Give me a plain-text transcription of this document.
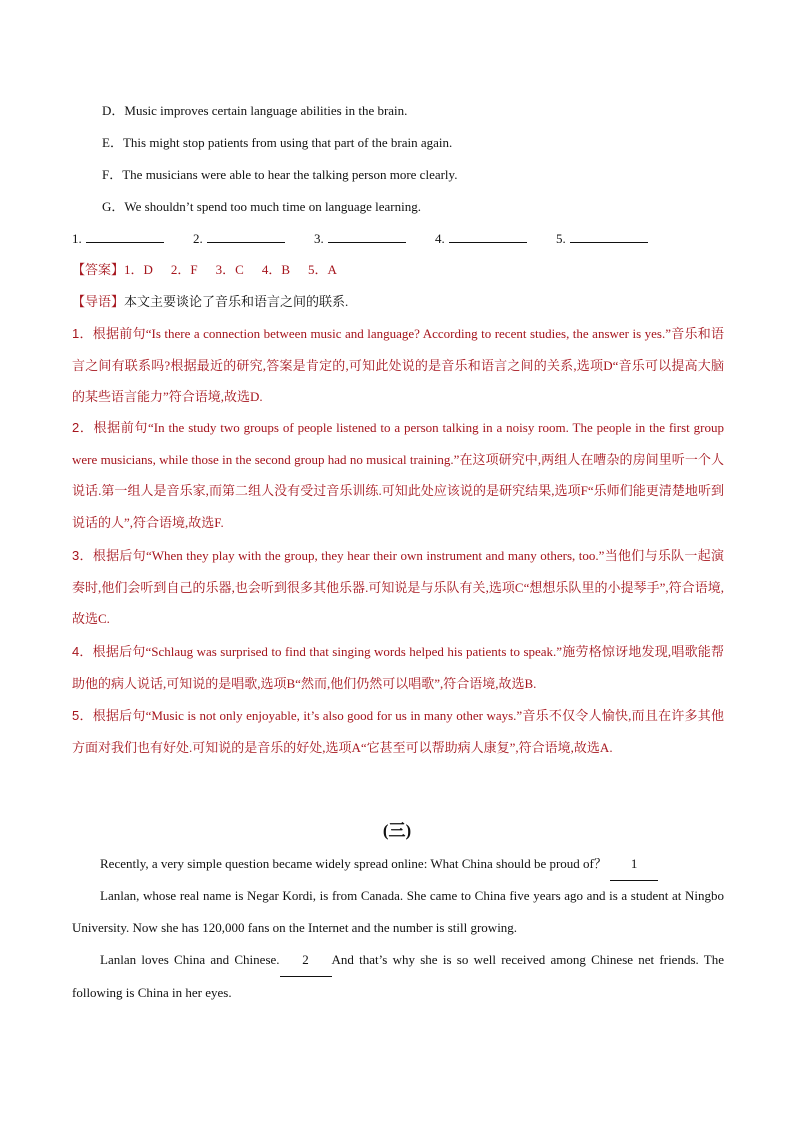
D．Music improves certain language abilities in the brain.
E．This might stop patients from using that part of the brain again.
F．The musicians were able to hear the talking person more clearly.
G．We shouldn’t spend too much time on language learning.
1.	2.	3.	4.	5.
【答案】1．D 2．F 3．C 4．B 5．A
【导语】本文主要谈论了音乐和语言之间的联系.
1．根据前句“Is there a connection between music and language? According to recent studies, the answer is yes.”音乐和语言之间有联系吗?根据最近的研究,答案是肯定的,可知此处说的是音乐和语言之间的关系,选项D“音乐可以提高大脑的某些语言能力”符合语境,故选D.
2．根据前句“In the study two groups of people listened to a person talking in a noisy room. The people in the first group were musicians, while those in the second group had no musical training.”在这项研究中,两组人在嘈杂的房间里听一个人说话.第一组人是音乐家,而第二组人没有受过音乐训练.可知此处应该说的是研究结果,选项F“乐师们能更清楚地听到说话的人”,符合语境,故选F.
3．根据后句“When they play with the group, they hear their own instrument and many others, too.”当他们与乐队一起演奏时,他们会听到自己的乐器,也会听到很多其他乐器.可知说是与乐队有关,选项C“想想乐队里的小提琴手”,符合语境,故选C.
4．根据后句“Schlaug was surprised to find that singing words helped his patients to speak.”施劳格惊讶地发现,唱歌能帮助他的病人说话,可知说的是唱歌,选项B“然而,他们仍然可以唱歌”,符合语境,故选B.
5．根据后句“Music is not only enjoyable, it’s also good for us in many other ways.”音乐不仅令人愉快,而且在许多其他方面对我们也有好处.可知说的是音乐的好处,选项A“它甚至可以帮助病人康复”,符合语境,故选A.
(三)
Recently, a very simple question became widely spread online: What China should be proud of？ 1
Lanlan, whose real name is Negar Kordi, is from Canada. She came to China five years ago and is a student at Ningbo University. Now she has 120,000 fans on the Internet and the number is still growing.
Lanlan loves China and Chinese. 2 And that’s why she is so well received among Chinese net friends. The following is China in her eyes.
